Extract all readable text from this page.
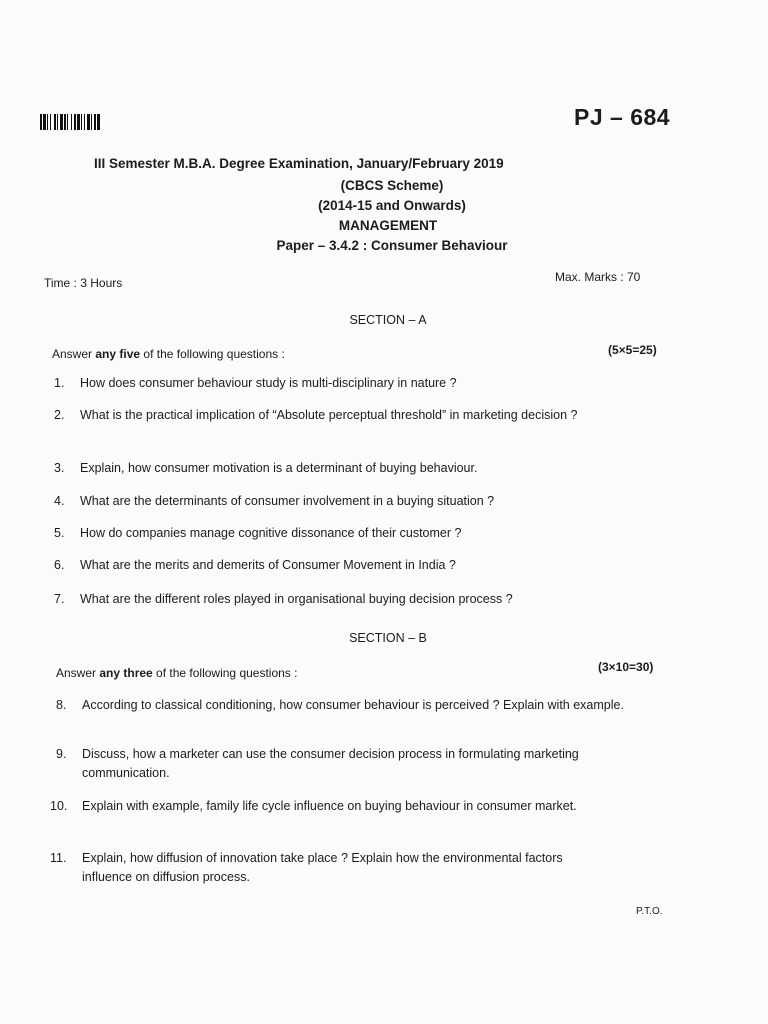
PJ – 684
III Semester M.B.A. Degree Examination, January/February 2019
(CBCS Scheme)
(2014-15 and Onwards)
MANAGEMENT
Paper – 3.4.2 : Consumer Behaviour
Time : 3 Hours	Max. Marks : 70
SECTION – A
Answer any five of the following questions :	(5×5=25)
1.	How does consumer behaviour study is multi-disciplinary in nature ?
2.	What is the practical implication of “Absolute perceptual threshold” in marketing decision ?
3.	Explain, how consumer motivation is a determinant of buying behaviour.
4.	What are the determinants of consumer involvement in a buying situation ?
5.	How do companies manage cognitive dissonance of their customer ?
6.	What are the merits and demerits of Consumer Movement in India ?
7.	What are the different roles played in organisational buying decision process ?
SECTION – B
Answer any three of the following questions :	(3×10=30)
8.	According to classical conditioning, how consumer behaviour is perceived ? Explain with example.
9.	Discuss, how a marketer can use the consumer decision process in formulating marketing communication.
10.	Explain with example, family life cycle influence on buying behaviour in consumer market.
11.	Explain, how diffusion of innovation take place ? Explain how the environmental factors influence on diffusion process.
P.T.O.
